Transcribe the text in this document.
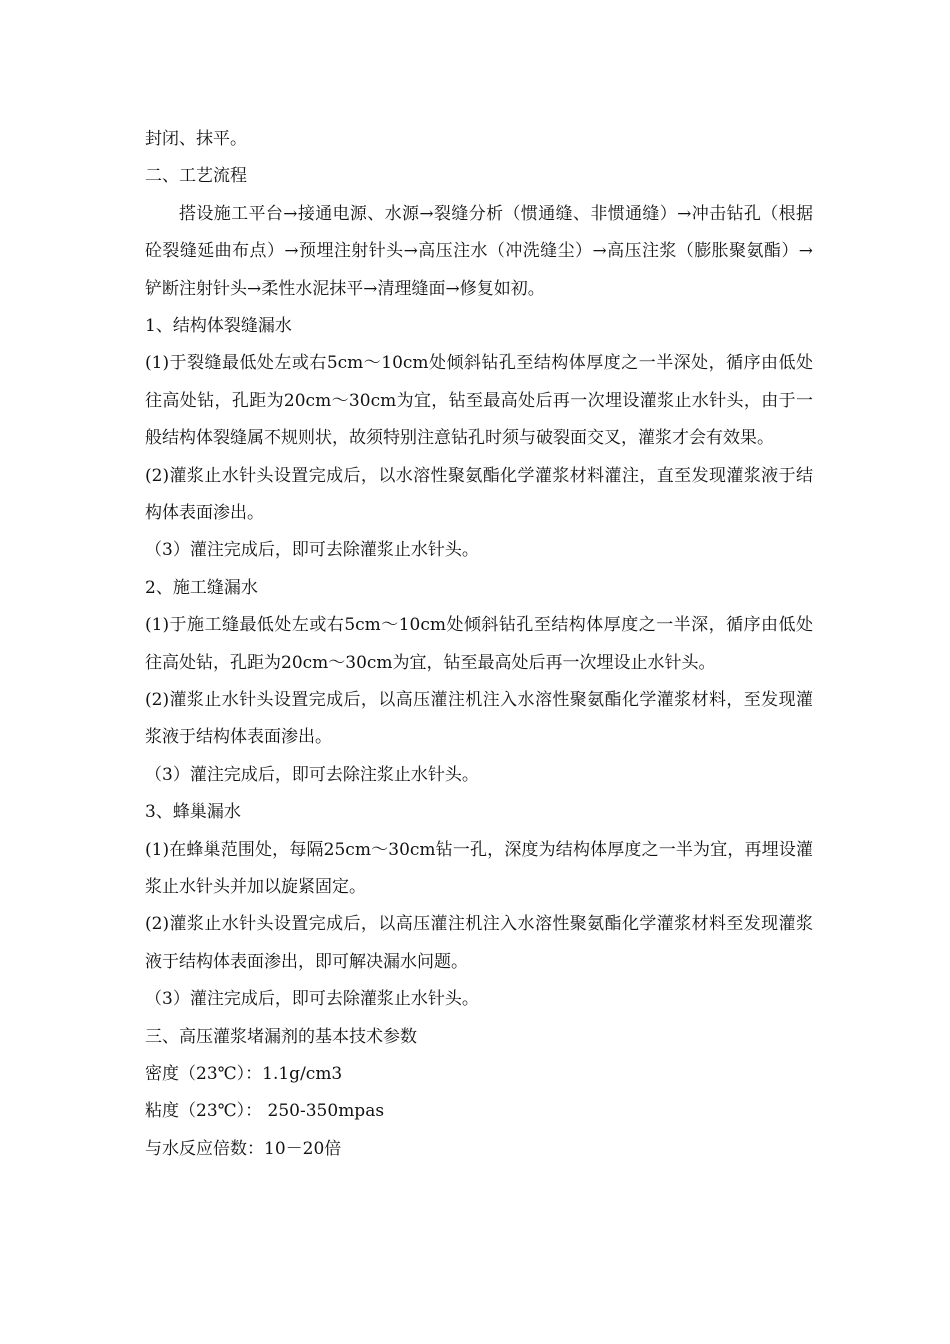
封闭、抹平。
二、工艺流程
搭设施工平台→接通电源、水源→裂缝分析（惯通缝、非惯通缝）→冲击钻孔（根据砼裂缝延曲布点）→预埋注射针头→高压注水（冲洗缝尘）→高压注浆（膨胀聚氨酯）→铲断注射针头→柔性水泥抹平→清理缝面→修复如初。
1、结构体裂缝漏水
(1)于裂缝最低处左或右5cm～10cm处倾斜钻孔至结构体厚度之一半深处，循序由低处往高处钻，孔距为20cm～30cm为宜，钻至最高处后再一次埋设灌浆止水针头，由于一般结构体裂缝属不规则状，故须特别注意钻孔时须与破裂面交叉，灌浆才会有效果。
(2)灌浆止水针头设置完成后，以水溶性聚氨酯化学灌浆材料灌注，直至发现灌浆液于结构体表面渗出。
（3）灌注完成后，即可去除灌浆止水针头。
2、施工缝漏水
(1)于施工缝最低处左或右5cm～10cm处倾斜钻孔至结构体厚度之一半深，循序由低处往高处钻，孔距为20cm～30cm为宜，钻至最高处后再一次埋设止水针头。
(2)灌浆止水针头设置完成后，以高压灌注机注入水溶性聚氨酯化学灌浆材料，至发现灌浆液于结构体表面渗出。
（3）灌注完成后，即可去除注浆止水针头。
3、蜂巢漏水
(1)在蜂巢范围处，每隔25cm～30cm钻一孔，深度为结构体厚度之一半为宜，再埋设灌浆止水针头并加以旋紧固定。
(2)灌浆止水针头设置完成后，以高压灌注机注入水溶性聚氨酯化学灌浆材料至发现灌浆液于结构体表面渗出，即可解决漏水问题。
（3）灌注完成后，即可去除灌浆止水针头。
三、高压灌浆堵漏剂的基本技术参数
密度（23℃）：1.1g/cm3
粘度（23℃）： 250-350mpas
与水反应倍数：10－20倍
